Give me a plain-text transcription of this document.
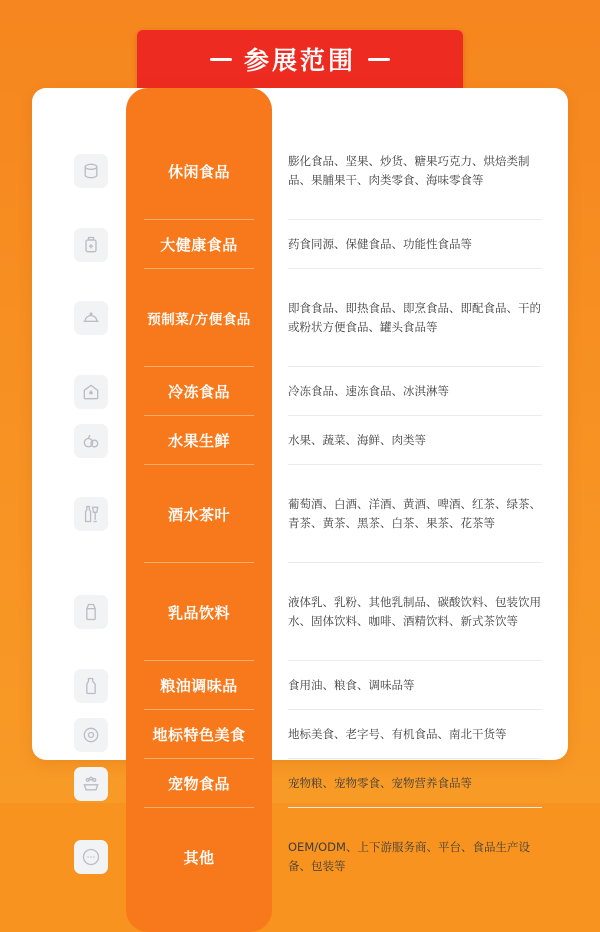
参展范围
休闲食品
大健康食品
预制菜/方便食品
冷冻食品
水果生鲜
酒水茶叶
乳品饮料
粮油调味品
地标特色美食
宠物食品
其他
膨化食品、坚果、炒货、糖果巧克力、烘焙类制品、果脯果干、肉类零食、海味零食等
药食同源、保健食品、功能性食品等
即食食品、即热食品、即烹食品、即配食品、干的或粉状方便食品、罐头食品等
冷冻食品、速冻食品、冰淇淋等
水果、蔬菜、海鲜、肉类等
葡萄酒、白酒、洋酒、黄酒、啤酒、红茶、绿茶、青茶、黄茶、黑茶、白茶、果茶、花茶等
液体乳、乳粉、其他乳制品、碳酸饮料、包装饮用水、固体饮料、咖啡、酒精饮料、新式茶饮等
食用油、粮食、调味品等
地标美食、老字号、有机食品、南北干货等
宠物粮、宠物零食、宠物营养食品等
OEM/ODM、上下游服务商、平台、食品生产设备、包装等
